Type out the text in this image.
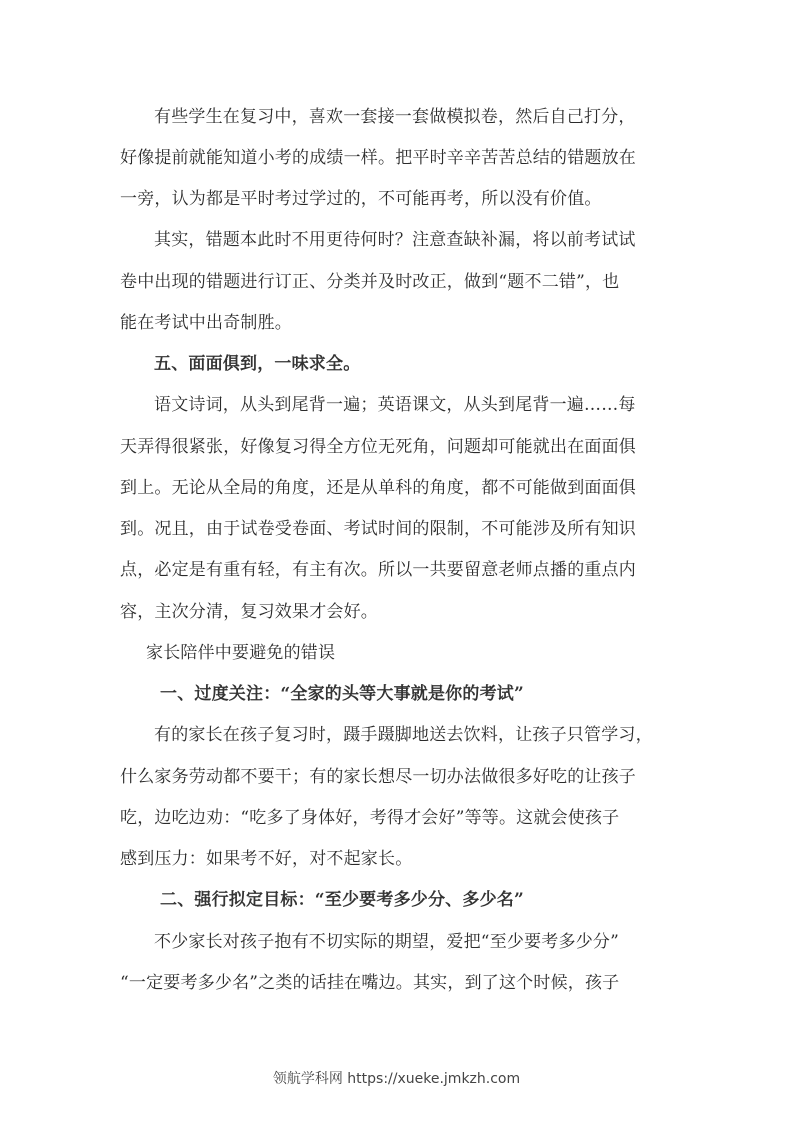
有些学生在复习中，喜欢一套接一套做模拟卷，然后自己打分，
好像提前就能知道小考的成绩一样。把平时辛辛苦苦总结的错题放在
一旁，认为都是平时考过学过的，不可能再考，所以没有价值。
其实，错题本此时不用更待何时？注意查缺补漏，将以前考试试
卷中出现的错题进行订正、分类并及时改正，做到“题不二错”，也
能在考试中出奇制胜。
五、面面俱到，一味求全。
语文诗词，从头到尾背一遍；英语课文，从头到尾背一遍……每
天弄得很紧张，好像复习得全方位无死角，问题却可能就出在面面俱
到上。无论从全局的角度，还是从单科的角度，都不可能做到面面俱
到。况且，由于试卷受卷面、考试时间的限制，不可能涉及所有知识
点，必定是有重有轻，有主有次。所以一共要留意老师点播的重点内
容，主次分清，复习效果才会好。
家长陪伴中要避免的错误
一、过度关注：“全家的头等大事就是你的考试”
有的家长在孩子复习时，蹑手蹑脚地送去饮料，让孩子只管学习，
什么家务劳动都不要干；有的家长想尽一切办法做很多好吃的让孩子
吃，边吃边劝：“吃多了身体好，考得才会好”等等。这就会使孩子
感到压力：如果考不好，对不起家长。
二、强行拟定目标：“至少要考多少分、多少名”
不少家长对孩子抱有不切实际的期望，爱把“至少要考多少分”
“一定要考多少名”之类的话挂在嘴边。其实，到了这个时候，孩子
领航学科网 https://xueke.jmkzh.com
